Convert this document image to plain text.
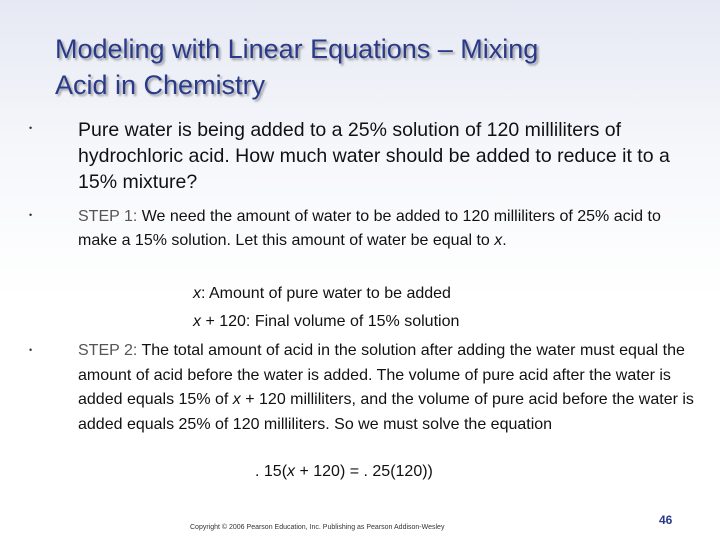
Modeling with Linear Equations – Mixing
Acid in Chemistry
• Pure water is being added to a 25% solution of 120 milliliters of hydrochloric acid. How much water should be added to reduce it to a 15% mixture?
•	STEP 1: We need the amount of water to be added to 120 milliliters of 25% acid to make a 15% solution. Let this amount of water be equal to x.
x: Amount of pure water to be added
x + 120: Final volume of 15% solution
•	STEP 2: The total amount of acid in the solution after adding the water must equal the amount of acid before the water is added. The volume of pure acid after the water is added equals 15% of x + 120 milliliters, and the volume of pure acid before the water is added equals 25% of 120 milliliters. So we must solve the equation
. 15(x + 120) = . 25(120))
Copyright © 2006 Pearson Education, Inc. Publishing as Pearson Addison-Wesley
46
